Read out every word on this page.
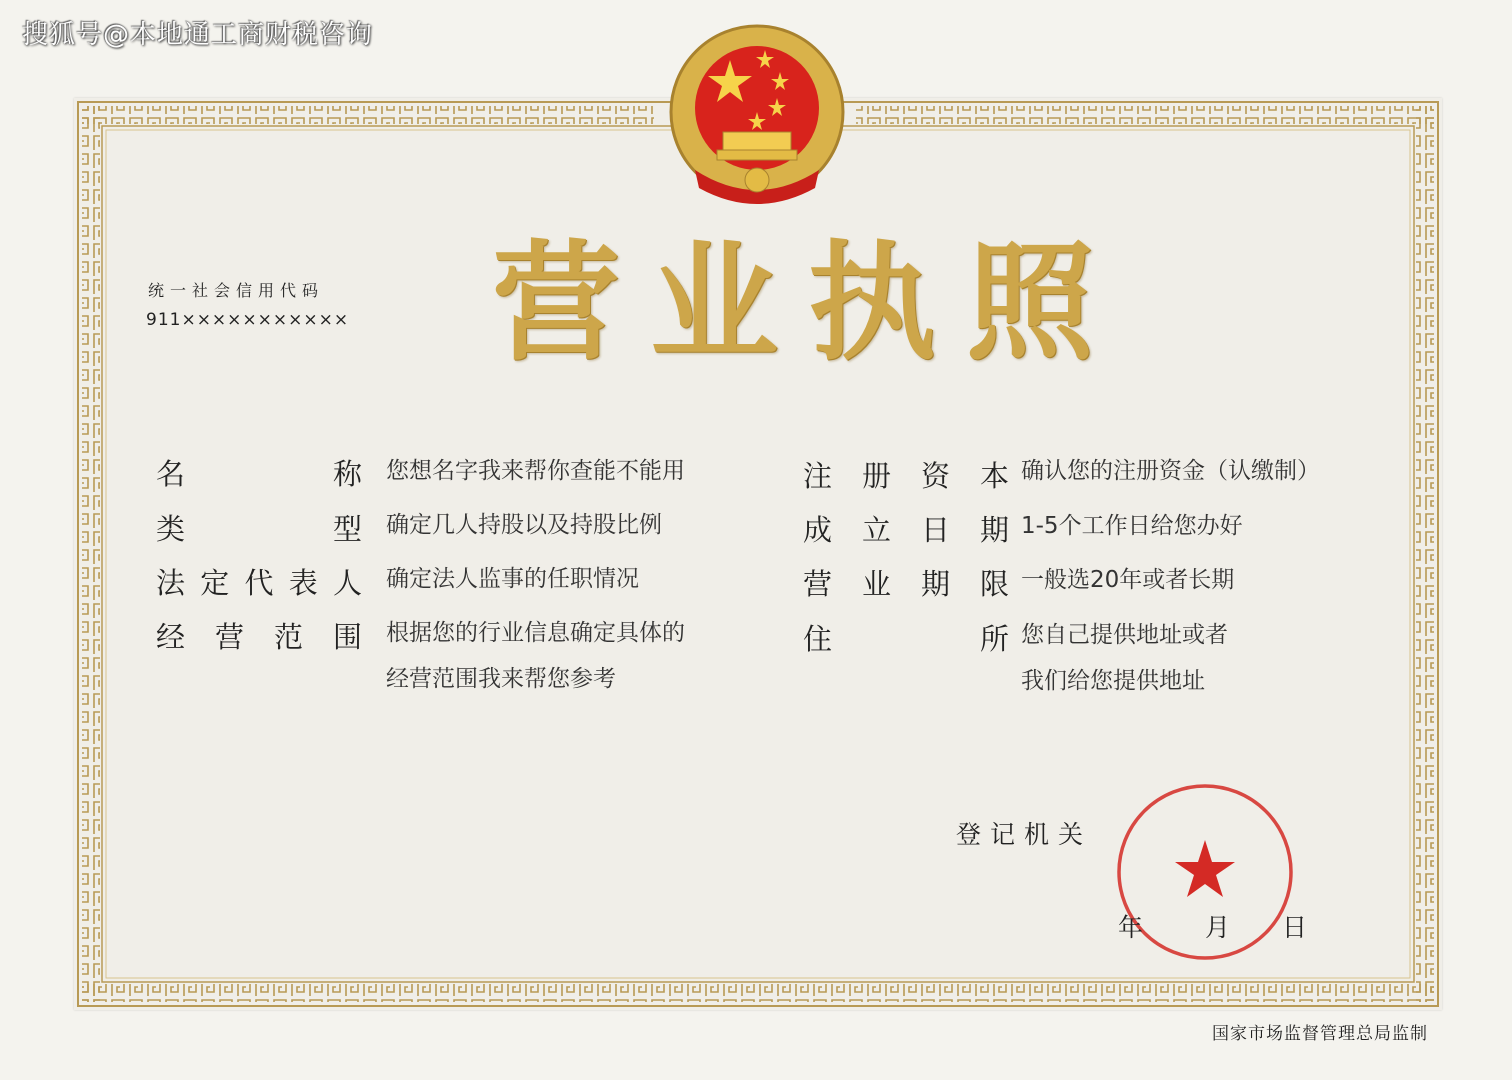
搜狐号@本地通工商财税咨询
营业执照
统一社会信用代码
911×××××××××××
名	称 您想名字我来帮你查能不能用
类	型 确定几人持股以及持股比例
法 定 代 表 人 确定法人监事的任职情况
经 营 范 围 根据您的行业信息确定具体的
经营范围我来帮您参考
注 册 资 本 确认您的注册资金（认缴制）
成 立 日 期 1-5个工作日给您办好
营 业 期 限 一般选20年或者长期
住	所 您自己提供地址或者
我们给您提供地址
登记机关
年 月 日
国家市场监督管理总局监制
